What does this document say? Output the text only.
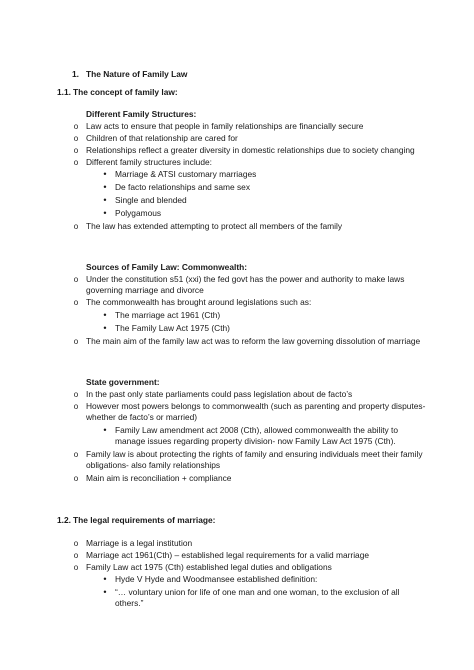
1. The Nature of Family Law
1.1. The concept of family law:
Different Family Structures:
o Law acts to ensure that people in family relationships are financially secure
o Children of that relationship are cared for
o Relationships reflect a greater diversity in domestic relationships due to society changing
o Different family structures include:
• Marriage & ATSI customary marriages
• De facto relationships and same sex
• Single and blended
• Polygamous
o The law has extended attempting to protect all members of the family
Sources of Family Law: Commonwealth:
o Under the constitution s51 (xxi) the fed govt has the power and authority to make laws
governing marriage and divorce
o The commonwealth has brought around legislations such as:
• The marriage act 1961 (Cth)
• The Family Law Act 1975 (Cth)
o The main aim of the family law act was to reform the law governing dissolution of marriage
State government:
o In the past only state parliaments could pass legislation about de facto’s
o However most powers belongs to commonwealth (such as parenting and property disputes-
whether de facto’s or married)
• Family Law amendment act 2008 (Cth), allowed commonwealth the ability to
manage issues regarding property division- now Family Law Act 1975 (Cth).
o Family law is about protecting the rights of family and ensuring individuals meet their family
obligations- also family relationships
o Main aim is reconciliation + compliance
1.2. The legal requirements of marriage:
o Marriage is a legal institution
o Marriage act 1961(Cth) – established legal requirements for a valid marriage
o Family Law act 1975 (Cth) established legal duties and obligations
• Hyde V Hyde and Woodmansee established definition:
• “… voluntary union for life of one man and one woman, to the exclusion of all
others.”
